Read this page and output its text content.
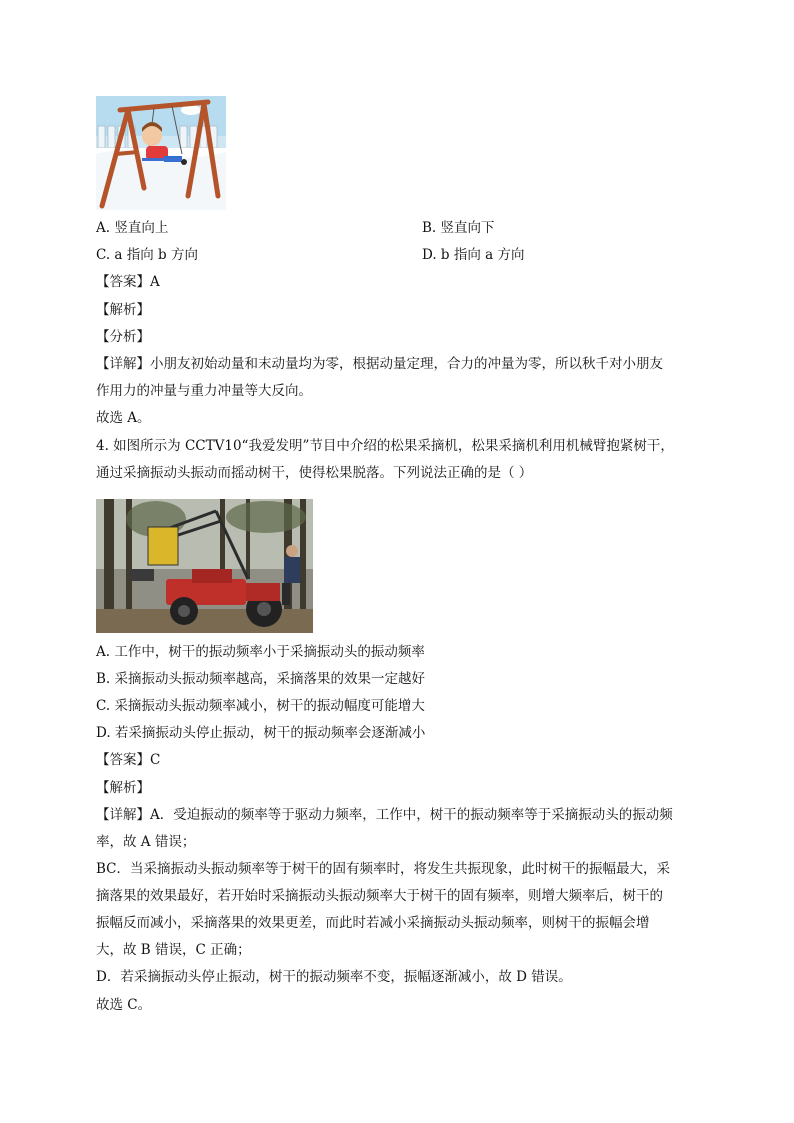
A. 竖直向上	B. 竖直向下
C. a 指向 b 方向	D. b 指向 a 方向
【答案】A
【解析】
【分析】
【详解】小朋友初始动量和末动量均为零，根据动量定理，合力的冲量为零，所以秋千对小朋友
作用力的冲量与重力冲量等大反向。
故选 A。
4. 如图所示为 CCTV10“我爱发明”节目中介绍的松果采摘机，松果采摘机利用机械臂抱紧树干，
通过采摘振动头振动而摇动树干，使得松果脱落。下列说法正确的是（ ）
A. 工作中，树干的振动频率小于采摘振动头的振动频率
B. 采摘振动头振动频率越高，采摘落果的效果一定越好
C. 采摘振动头振动频率减小，树干的振动幅度可能增大
D. 若采摘振动头停止振动，树干的振动频率会逐渐减小
【答案】C
【解析】
【详解】A．受迫振动的频率等于驱动力频率，工作中，树干的振动频率等于采摘振动头的振动频
率，故 A 错误；
BC．当采摘振动头振动频率等于树干的固有频率时，将发生共振现象，此时树干的振幅最大，采
摘落果的效果最好，若开始时采摘振动头振动频率大于树干的固有频率，则增大频率后，树干的
振幅反而减小，采摘落果的效果更差，而此时若减小采摘振动头振动频率，则树干的振幅会增
大，故 B 错误，C 正确；
D．若采摘振动头停止振动，树干的振动频率不变，振幅逐渐减小，故 D 错误。
故选 C。
